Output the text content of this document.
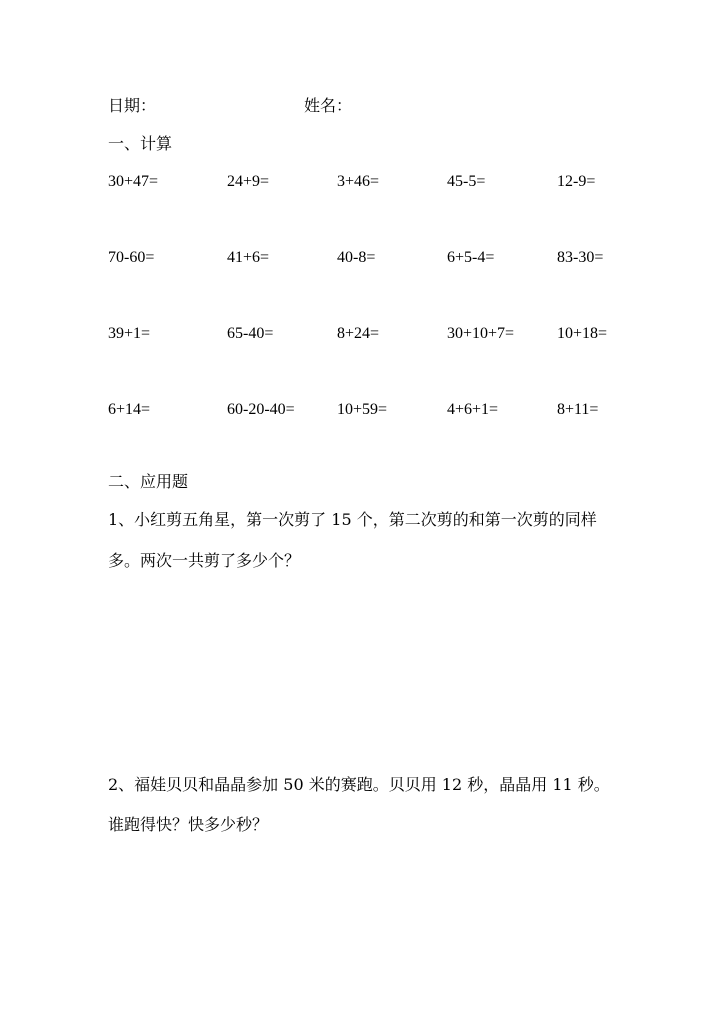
日期：	姓名：
一、计算
30+47=	24+9=	3+46=	45-5=	12-9=
70-60=	41+6=	40-8=	6+5-4=	83-30=
39+1=	65-40=	8+24=	30+10+7=	10+18=
6+14=	60-20-40=	10+59=	4+6+1=	8+11=
二、应用题
1、小红剪五角星，第一次剪了 15 个，第二次剪的和第一次剪的同样
多。两次一共剪了多少个？
2、福娃贝贝和晶晶参加 50 米的赛跑。贝贝用 12 秒，晶晶用 11 秒。
谁跑得快？快多少秒？
